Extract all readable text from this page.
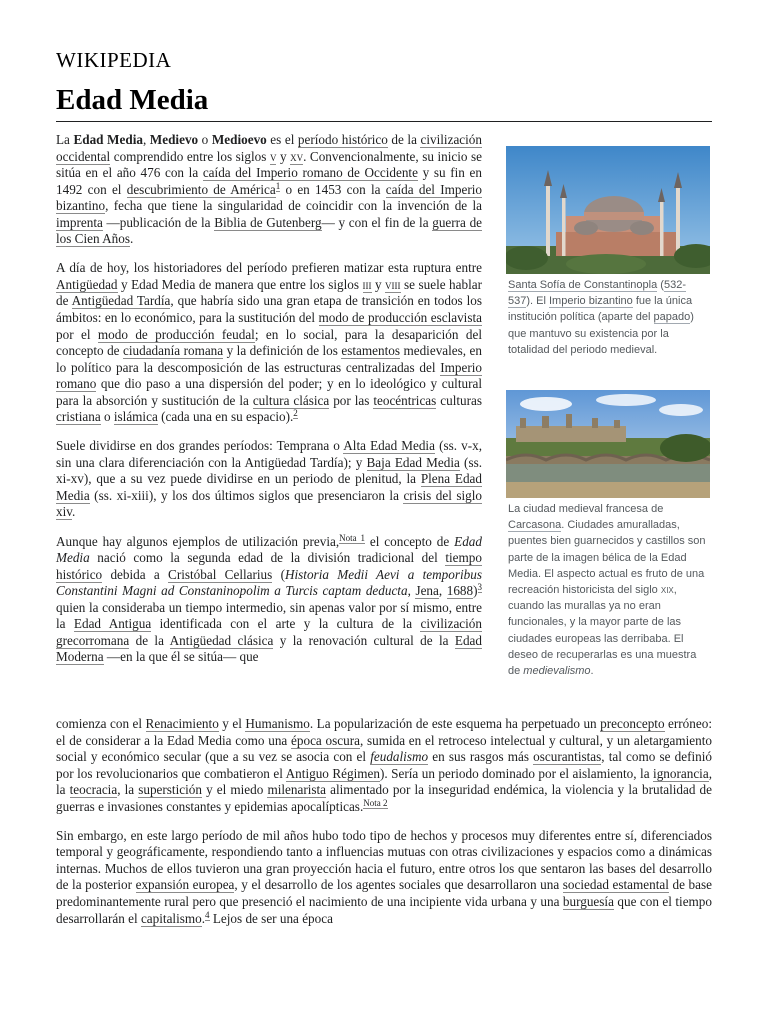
WIKIPEDIA
Edad Media

La Edad Media, Medievo o Medioevo es el período histórico de la civilización occidental comprendido entre los siglos v y xv. Convencionalmente, su inicio se sitúa en el año 476 con la caída del Imperio romano de Occidente y su fin en 1492 con el descubrimiento de América$^1$ o en 1453 con la caída del Imperio bizantino, fecha que tiene la singularidad de coincidir con la invención de la imprenta —publicación de la Biblia de Gutenberg— y con el fin de la guerra de los Cien Años.

A día de hoy, los historiadores del período prefieren matizar esta ruptura entre Antigüedad y Edad Media de manera que entre los siglos iii y viii se suele hablar de Antigüedad Tardía, que habría sido una gran etapa de transición en todos los ámbitos: en lo económico, para la sustitución del modo de producción esclavista por el modo de producción feudal; en lo social, para la desaparición del concepto de ciudadanía romana y la definición de los estamentos medievales, en lo político para la descomposición de las estructuras centralizadas del Imperio romano que dio paso a una dispersión del poder; y en lo ideológico y cultural para la absorción y sustitución de la cultura clásica por las teocéntricas culturas cristiana o islámica (cada una en su espacio).$^2$

Suele dividirse en dos grandes períodos: Temprana o Alta Edad Media (ss. v-x, sin una clara diferenciación con la Antigüedad Tardía); y Baja Edad Media (ss. xi-xv), que a su vez puede dividirse en un periodo de plenitud, la Plena Edad Media (ss. xi-xiii), y los dos últimos siglos que presenciaron la crisis del siglo xiv.

Aunque hay algunos ejemplos de utilización previa,$^{Nota 1}$ el concepto de Edad Media nació como la segunda edad de la división tradicional del tiempo histórico debida a Cristóbal Cellarius (Historia Medii Aevi a temporibus Constantini Magni ad Constaninopolim a Turcis captam deducta, Jena, 1688)$^3$ quien la consideraba un tiempo intermedio, sin apenas valor por sí mismo, entre la Edad Antigua identificada con el arte y la cultura de la civilización grecorromana de la Antigüedad clásica y la renovación cultural de la Edad Moderna —en la que él se sitúa— que

comienza con el Renacimiento y el Humanismo. La popularización de este esquema ha perpetuado un preconcepto erróneo: el de considerar a la Edad Media como una época oscura, sumida en el retroceso intelectual y cultural, y un aletargamiento social y económico secular (que a su vez se asocia con el feudalismo en sus rasgos más oscurantistas, tal como se definió por los revolucionarios que combatieron el Antiguo Régimen). Sería un periodo dominado por el aislamiento, la ignorancia, la teocracia, la superstición y el miedo milenarista alimentado por la inseguridad endémica, la violencia y la brutalidad de guerras e invasiones constantes y epidemias apocalípticas.$^{Nota 2}$

Sin embargo, en este largo período de mil años hubo todo tipo de hechos y procesos muy diferentes entre sí, diferenciados temporal y geográficamente, respondiendo tanto a influencias mutuas con otras civilizaciones y espacios como a dinámicas internas. Muchos de ellos tuvieron una gran proyección hacia el futuro, entre otros los que sentaron las bases del desarrollo de la posterior expansión europea, y el desarrollo de los agentes sociales que desarrollaron una sociedad estamental de base predominantemente rural pero que presenció el nacimiento de una incipiente vida urbana y una burguesía que con el tiempo desarrollarán el capitalismo.$^4$ Lejos de ser una época

Santa Sofía de Constantinopla (532-537). El Imperio bizantino fue la única institución política (aparte del papado) que mantuvo su existencia por la totalidad del periodo medieval.
La ciudad medieval francesa de Carcasona. Ciudades amuralladas, puentes bien guarnecidos y castillos son parte de la imagen bélica de la Edad Media. El aspecto actual es fruto de una recreación historicista del siglo xix, cuando las murallas ya no eran funcionales, y la mayor parte de las ciudades europeas las derribaba. El deseo de recuperarlas es una muestra de medievalismo.
